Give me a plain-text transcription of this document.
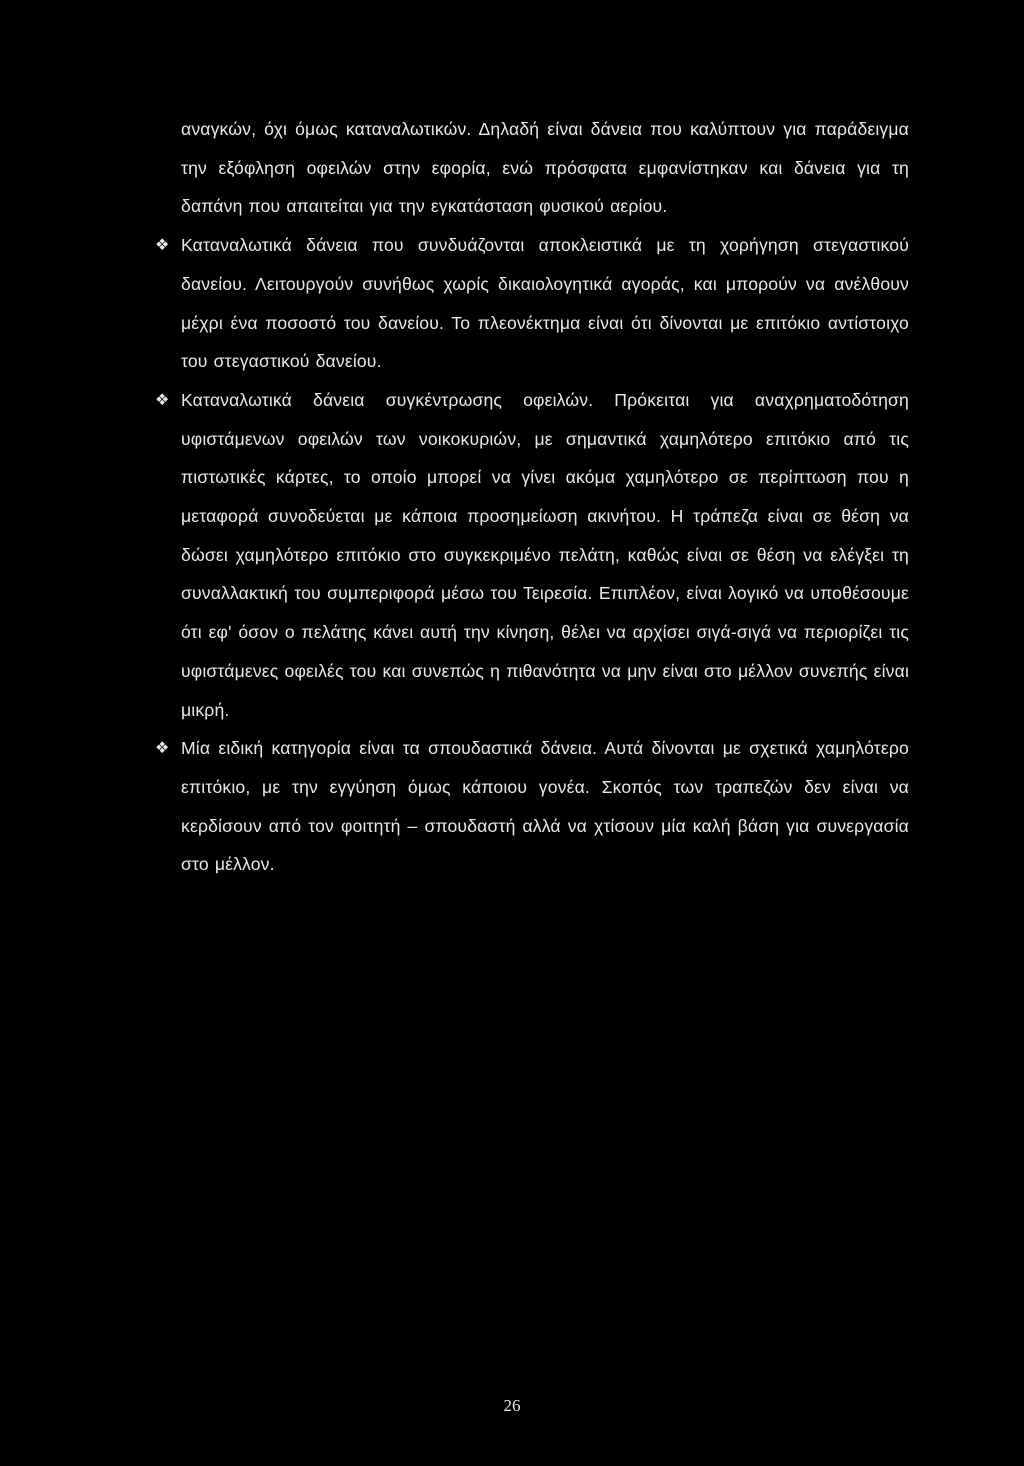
αναγκών, όχι όμως καταναλωτικών. Δηλαδή είναι δάνεια που καλύπτουν για παράδειγμα την εξόφληση οφειλών στην εφορία, ενώ πρόσφατα εμφανίστηκαν και δάνεια για τη δαπάνη που απαιτείται για την εγκατάσταση φυσικού αερίου.

❖ Καταναλωτικά δάνεια που συνδυάζονται αποκλειστικά με τη χορήγηση στεγαστικού δανείου. Λειτουργούν συνήθως χωρίς δικαιολογητικά αγοράς, και μπορούν να ανέλθουν μέχρι ένα ποσοστό του δανείου. Το πλεονέκτημα είναι ότι δίνονται με επιτόκιο αντίστοιχο του στεγαστικού δανείου.
❖ Καταναλωτικά δάνεια συγκέντρωσης οφειλών. Πρόκειται για αναχρηματοδότηση υφιστάμενων οφειλών των νοικοκυριών, με σημαντικά χαμηλότερο επιτόκιο από τις πιστωτικές κάρτες, το οποίο μπορεί να γίνει ακόμα χαμηλότερο σε περίπτωση που η μεταφορά συνοδεύεται με κάποια προσημείωση ακινήτου. Η τράπεζα είναι σε θέση να δώσει χαμηλότερο επιτόκιο στο συγκεκριμένο πελάτη, καθώς είναι σε θέση να ελέγξει τη συναλλακτική του συμπεριφορά μέσω του Τειρεσία. Επιπλέον, είναι λογικό να υποθέσουμε ότι εφ' όσον ο πελάτης κάνει αυτή την κίνηση, θέλει να αρχίσει σιγά-σιγά να περιορίζει τις υφιστάμενες οφειλές του και συνεπώς η πιθανότητα να μην είναι στο μέλλον συνεπής είναι μικρή.
❖ Μία ειδική κατηγορία είναι τα σπουδαστικά δάνεια. Αυτά δίνονται με σχετικά χαμηλότερο επιτόκιο, με την εγγύηση όμως κάποιου γονέα. Σκοπός των τραπεζών δεν είναι να κερδίσουν από τον φοιτητή – σπουδαστή αλλά να χτίσουν μία καλή βάση για συνεργασία στο μέλλον.
26
